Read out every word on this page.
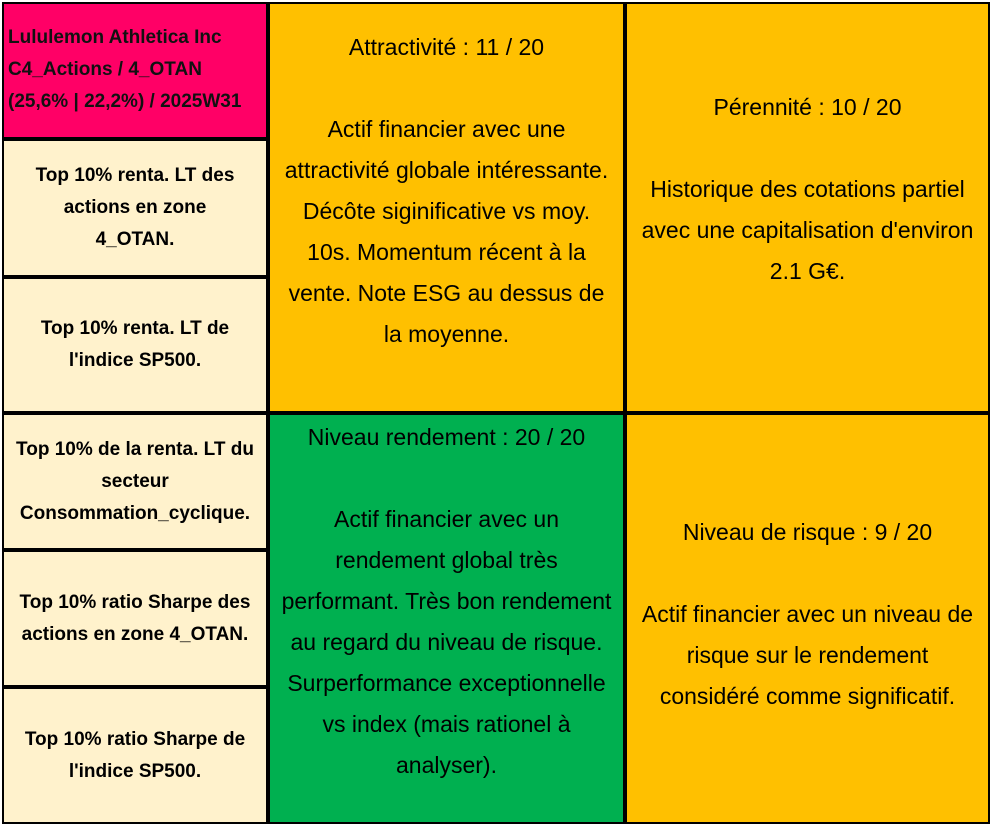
Lululemon Athletica Inc
C4_Actions / 4_OTAN
(25,6% | 22,2%) / 2025W31
Top 10% renta. LT des actions en zone 4_OTAN.
Top 10% renta. LT de l'indice SP500.
Top 10% de la renta. LT du secteur Consommation_cyclique.
Top 10% ratio Sharpe des actions en zone 4_OTAN.
Top 10% ratio Sharpe de l'indice SP500.
Attractivité : 11 / 20
Actif financier avec une attractivité globale intéressante. Décôte siginificative vs moy. 10s. Momentum récent à la vente. Note ESG au dessus de la moyenne.
Pérennité : 10 / 20
Historique des cotations partiel avec une capitalisation d'environ 2.1 G€.
Niveau rendement : 20 / 20
Actif financier avec un rendement global très performant. Très bon rendement au regard du niveau de risque. Surperformance exceptionnelle vs index (mais rationel à analyser).
Niveau de risque : 9 / 20
Actif financier avec un niveau de risque sur le rendement considéré comme significatif.
